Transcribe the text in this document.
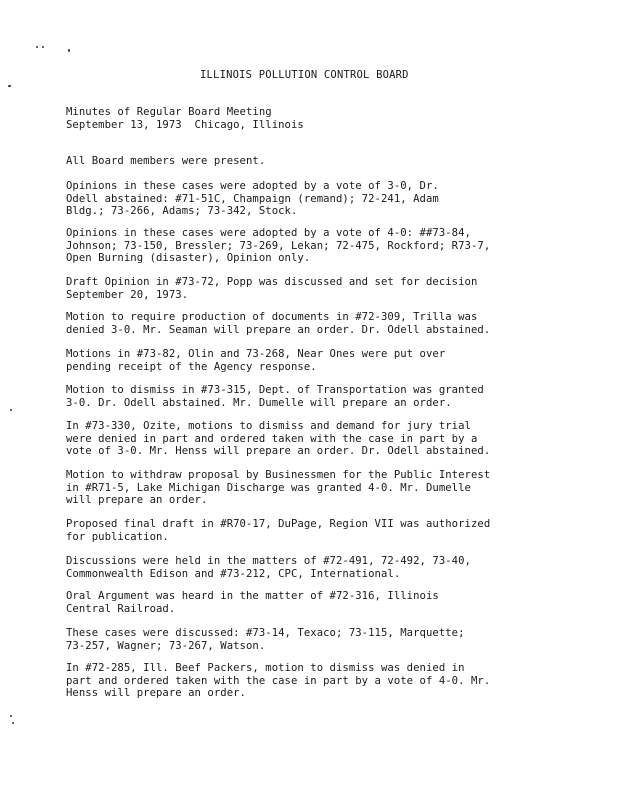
ILLINOIS POLLUTION CONTROL BOARD
Minutes of Regular Board Meeting
September 13, 1973  Chicago, Illinois
All Board members were present.
Opinions in these cases were adopted by a vote of 3-0, Dr.
Odell abstained: #71-51C, Champaign (remand); 72-241, Adam
Bldg.; 73-266, Adams; 73-342, Stock.
Opinions in these cases were adopted by a vote of 4-0: ##73-84,
Johnson; 73-150, Bressler; 73-269, Lekan; 72-475, Rockford; R73-7,
Open Burning (disaster), Opinion only.
Draft Opinion in #73-72, Popp was discussed and set for decision
September 20, 1973.
Motion to require production of documents in #72-309, Trilla was
denied 3-0. Mr. Seaman will prepare an order. Dr. Odell abstained.
Motions in #73-82, Olin and 73-268, Near Ones were put over
pending receipt of the Agency response.
Motion to dismiss in #73-315, Dept. of Transportation was granted
3-0. Dr. Odell abstained. Mr. Dumelle will prepare an order.
In #73-330, Ozite, motions to dismiss and demand for jury trial
were denied in part and ordered taken with the case in part by a
vote of 3-0. Mr. Henss will prepare an order. Dr. Odell abstained.
Motion to withdraw proposal by Businessmen for the Public Interest
in #R71-5, Lake Michigan Discharge was granted 4-0. Mr. Dumelle
will prepare an order.
Proposed final draft in #R70-17, DuPage, Region VII was authorized
for publication.
Discussions were held in the matters of #72-491, 72-492, 73-40,
Commonwealth Edison and #73-212, CPC, International.
Oral Argument was heard in the matter of #72-316, Illinois
Central Railroad.
These cases were discussed: #73-14, Texaco; 73-115, Marquette;
73-257, Wagner; 73-267, Watson.
In #72-285, Ill. Beef Packers, motion to dismiss was denied in
part and ordered taken with the case in part by a vote of 4-0. Mr.
Henss will prepare an order.
